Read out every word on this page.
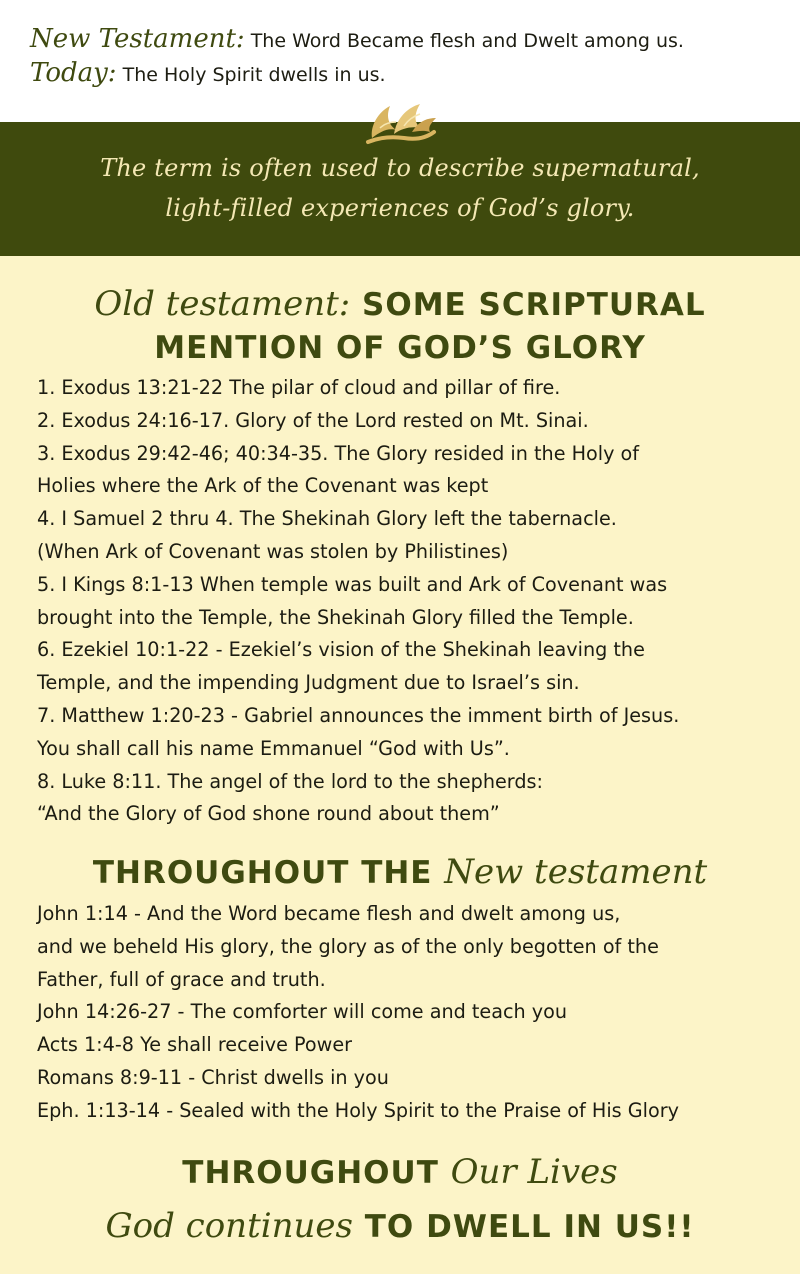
New Testament: The Word Became flesh and Dwelt among us.
Today: The Holy Spirit dwells in us.
The term is often used to describe supernatural,
light-filled experiences of God’s glory.
Old testament: SOME SCRIPTURAL
MENTION OF GOD’S GLORY
1. Exodus 13:21-22 The pilar of cloud and pillar of fire.
2. Exodus 24:16-17. Glory of the Lord rested on Mt. Sinai.
3. Exodus 29:42-46; 40:34-35. The Glory resided in the Holy of
Holies where the Ark of the Covenant was kept
4. I Samuel 2 thru 4. The Shekinah Glory left the tabernacle.
(When Ark of Covenant was stolen by Philistines)
5. I Kings 8:1-13 When temple was built and Ark of Covenant was
brought into the Temple, the Shekinah Glory filled the Temple.
6. Ezekiel 10:1-22 - Ezekiel’s vision of the Shekinah leaving the
Temple, and the impending Judgment due to Israel’s sin.
7. Matthew 1:20-23 - Gabriel announces the imment birth of Jesus.
You shall call his name Emmanuel “God with Us”.
8. Luke 8:11. The angel of the lord to the shepherds:
“And the Glory of God shone round about them”
THROUGHOUT THE New testament
John 1:14 - And the Word became flesh and dwelt among us,
and we beheld His glory, the glory as of the only begotten of the
Father, full of grace and truth.
John 14:26-27 - The comforter will come and teach you
Acts 1:4-8 Ye shall receive Power
Romans 8:9-11 - Christ dwells in you
Eph. 1:13-14 - Sealed with the Holy Spirit to the Praise of His Glory
THROUGHOUT Our Lives
God continues TO DWELL IN US!!
